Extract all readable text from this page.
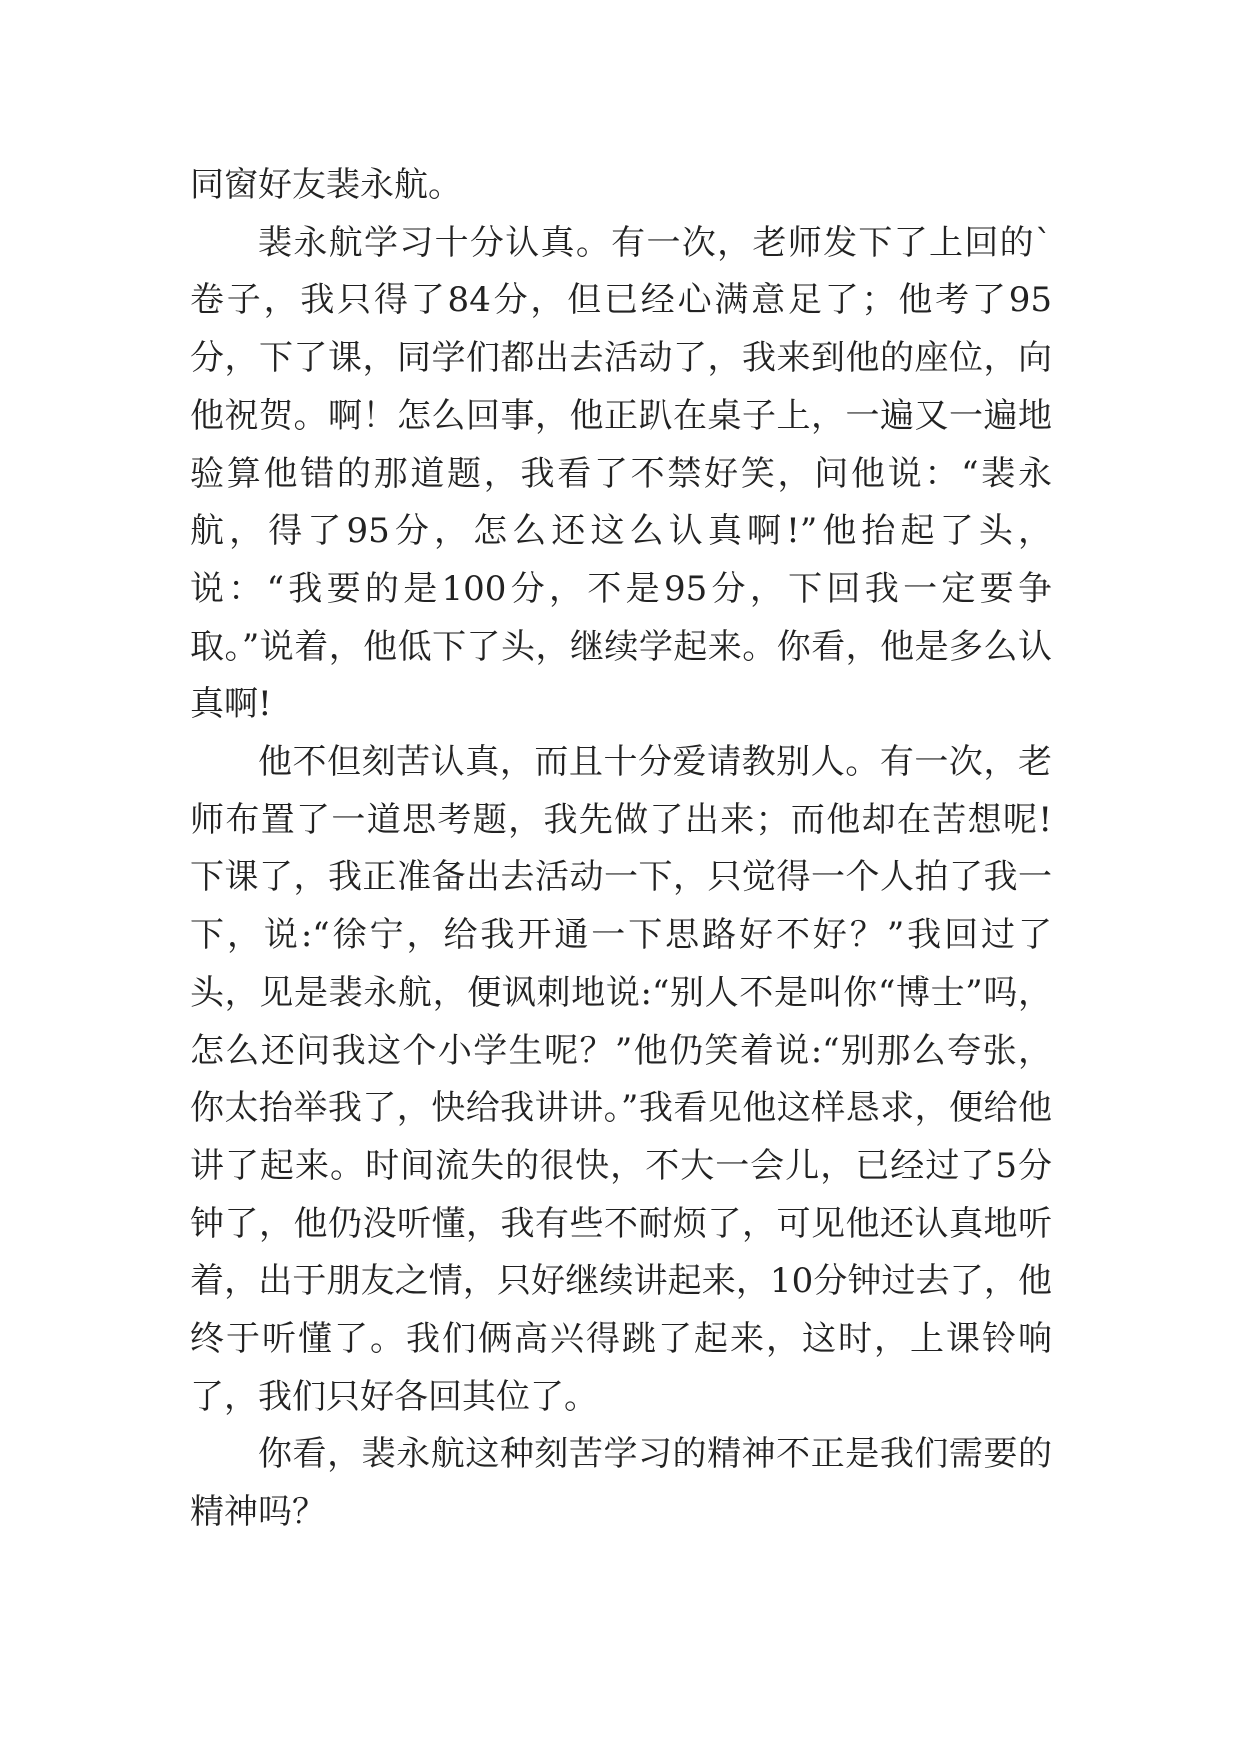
同窗好友裴永航。

裴永航学习十分认真。有一次，老师发下了上回的`卷子，我只得了84分，但已经心满意足了；他考了95分，下了课，同学们都出去活动了，我来到他的座位，向他祝贺。啊！怎么回事，他正趴在桌子上，一遍又一遍地验算他错的那道题，我看了不禁好笑，问他说：“裴永航，得了95分，怎么还这么认真啊!”他抬起了头，说：“我要的是100分，不是95分，下回我一定要争取。”说着，他低下了头，继续学起来。你看，他是多么认真啊!

他不但刻苦认真，而且十分爱请教别人。有一次，老师布置了一道思考题，我先做了出来；而他却在苦想呢!下课了，我正准备出去活动一下，只觉得一个人拍了我一下，说:“徐宁，给我开通一下思路好不好？”我回过了头，见是裴永航，便讽刺地说:“别人不是叫你“博士”吗，怎么还问我这个小学生呢？”他仍笑着说:“别那么夸张，你太抬举我了，快给我讲讲。”我看见他这样恳求，便给他讲了起来。时间流失的很快，不大一会儿，已经过了5分钟了，他仍没听懂，我有些不耐烦了，可见他还认真地听着，出于朋友之情，只好继续讲起来，10分钟过去了，他终于听懂了。我们俩高兴得跳了起来，这时，上课铃响了，我们只好各回其位了。

你看，裴永航这种刻苦学习的精神不正是我们需要的精神吗？
